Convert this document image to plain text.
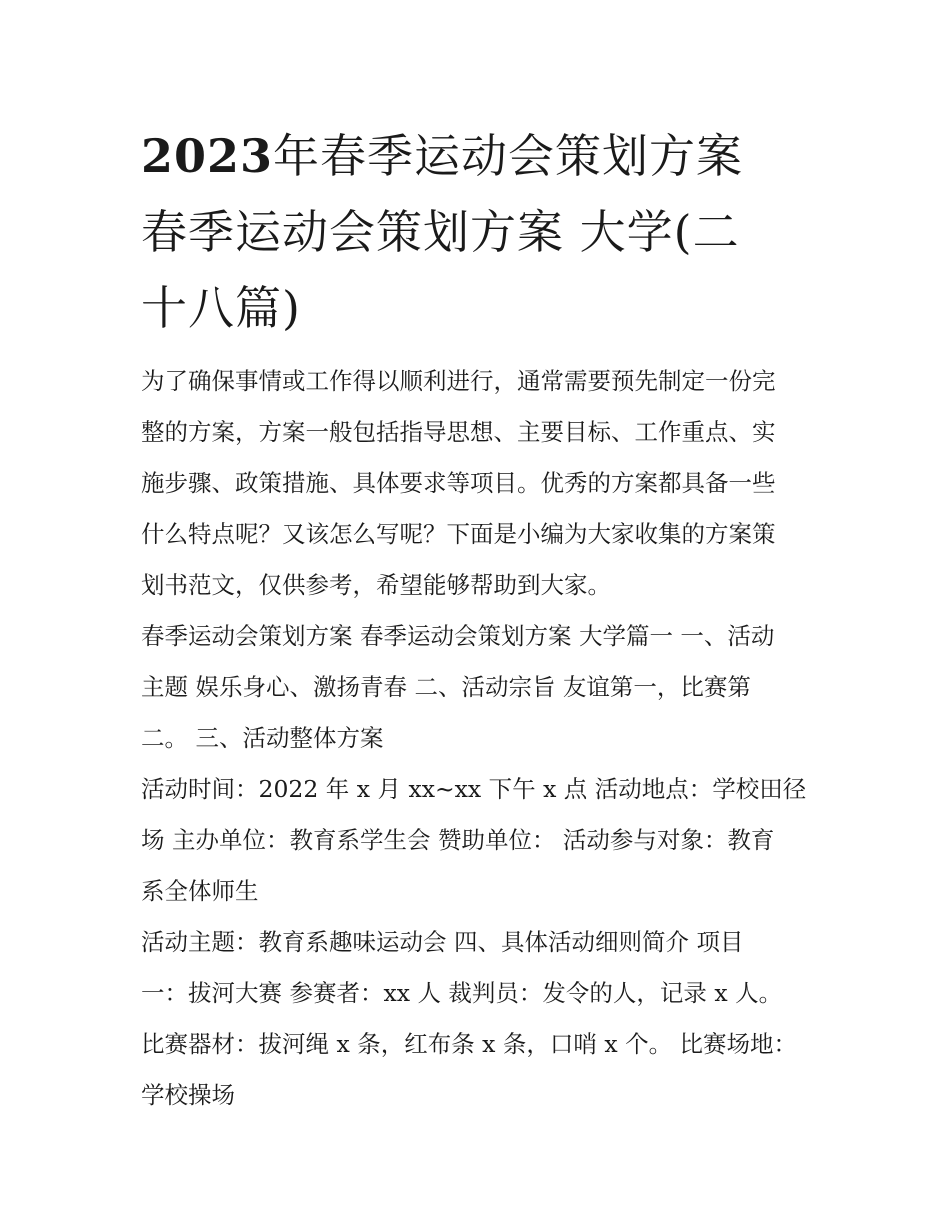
2023年春季运动会策划方案
春季运动会策划方案 大学(二
十八篇)

为了确保事情或工作得以顺利进行，通常需要预先制定一份完
整的方案，方案一般包括指导思想、主要目标、工作重点、实
施步骤、政策措施、具体要求等项目。优秀的方案都具备一些
什么特点呢？又该怎么写呢？下面是小编为大家收集的方案策
划书范文，仅供参考，希望能够帮助到大家。

春季运动会策划方案 春季运动会策划方案 大学篇一 一、活动
主题 娱乐身心、激扬青春 二、活动宗旨 友谊第一，比赛第
二。 三、活动整体方案

活动时间：2022 年 x 月 xx~xx 下午 x 点 活动地点：学校田径
场 主办单位：教育系学生会 赞助单位： 活动参与对象：教育
系全体师生

活动主题：教育系趣味运动会 四、具体活动细则简介 项目
一：拔河大赛 参赛者：xx 人 裁判员：发令的人，记录 x 人。
比赛器材：拔河绳 x 条，红布条 x 条，口哨 x 个。 比赛场地：
学校操场
